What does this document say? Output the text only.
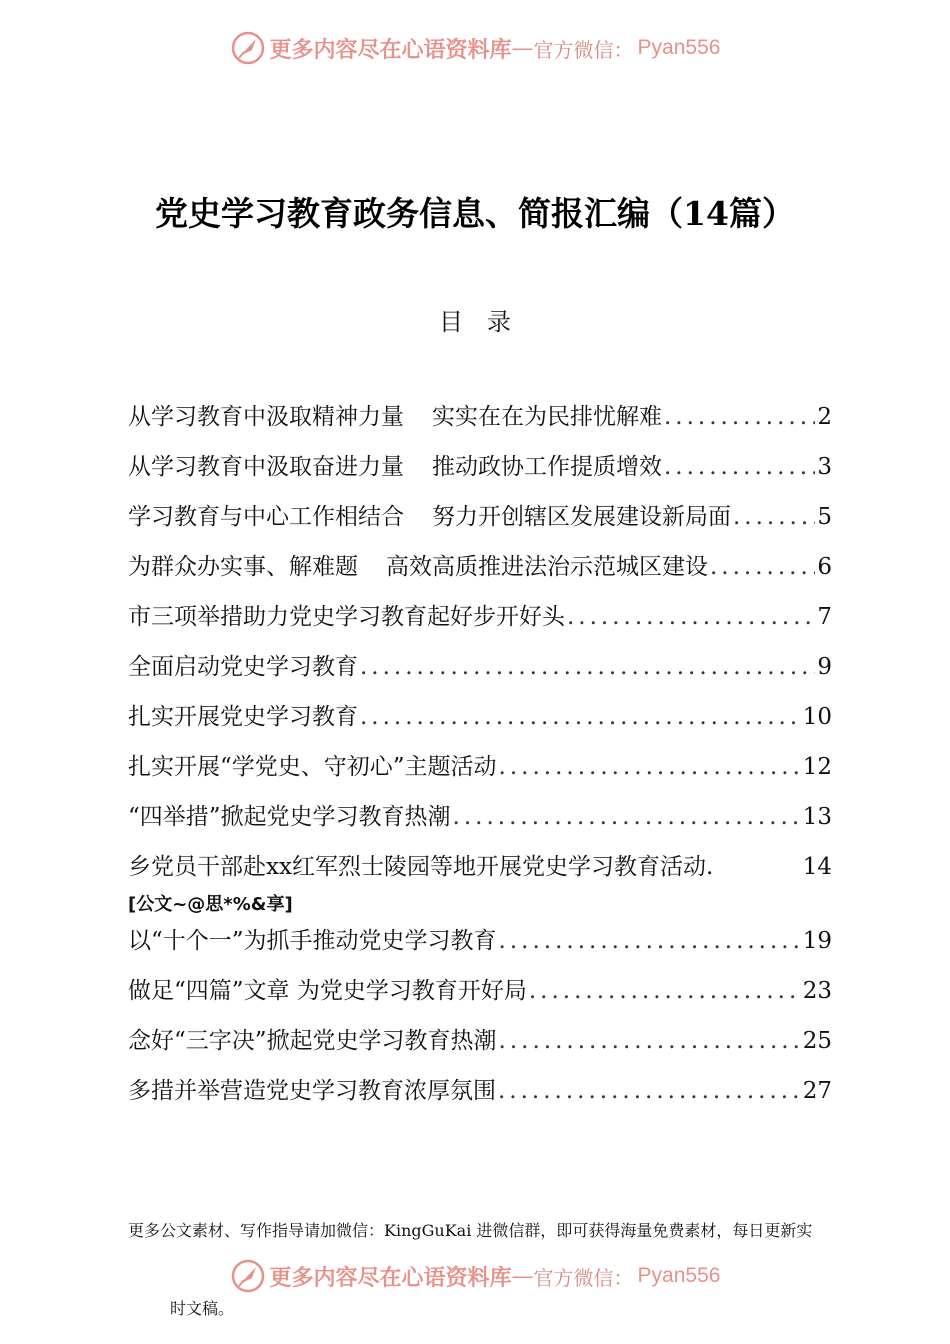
更多内容尽在心语资料库 — 官方微信： Pyan556
党史学习教育政务信息、简报汇编（14篇）
目录
从学习教育中汲取精神力量 实实在在为民排忧解难 .....	2
从学习教育中汲取奋进力量 推动政协工作提质增效 .....	3
学习教育与中心工作相结合 努力开创辖区发展建设新局面 .....	5
为群众办实事、解难题 高效高质推进法治示范城区建设 .....	6
市三项举措助力党史学习教育起好步开好头 .....	7
全面启动党史学习教育 .....	9
扎实开展党史学习教育 .....	10
扎实开展“学党史、守初心”主题活动 .....	12
“四举措”掀起党史学习教育热潮 .....	13
乡党员干部赴xx红军烈士陵园等地开展党史学习教育活动.	14
[公文~@思*%&享]
以“十个一”为抓手推动党史学习教育 .....	19
做足“四篇”文章 为党史学习教育开好局 .....	23
念好“三字决”掀起党史学习教育热潮 .....	25
多措并举营造党史学习教育浓厚氛围 .....	27
更多公文素材、写作指导请加微信：KingGuKai 进微信群，即可获得海量免费素材，每日更新实
更多内容尽在心语资料库 — 官方微信： Pyan556
时文稿。
